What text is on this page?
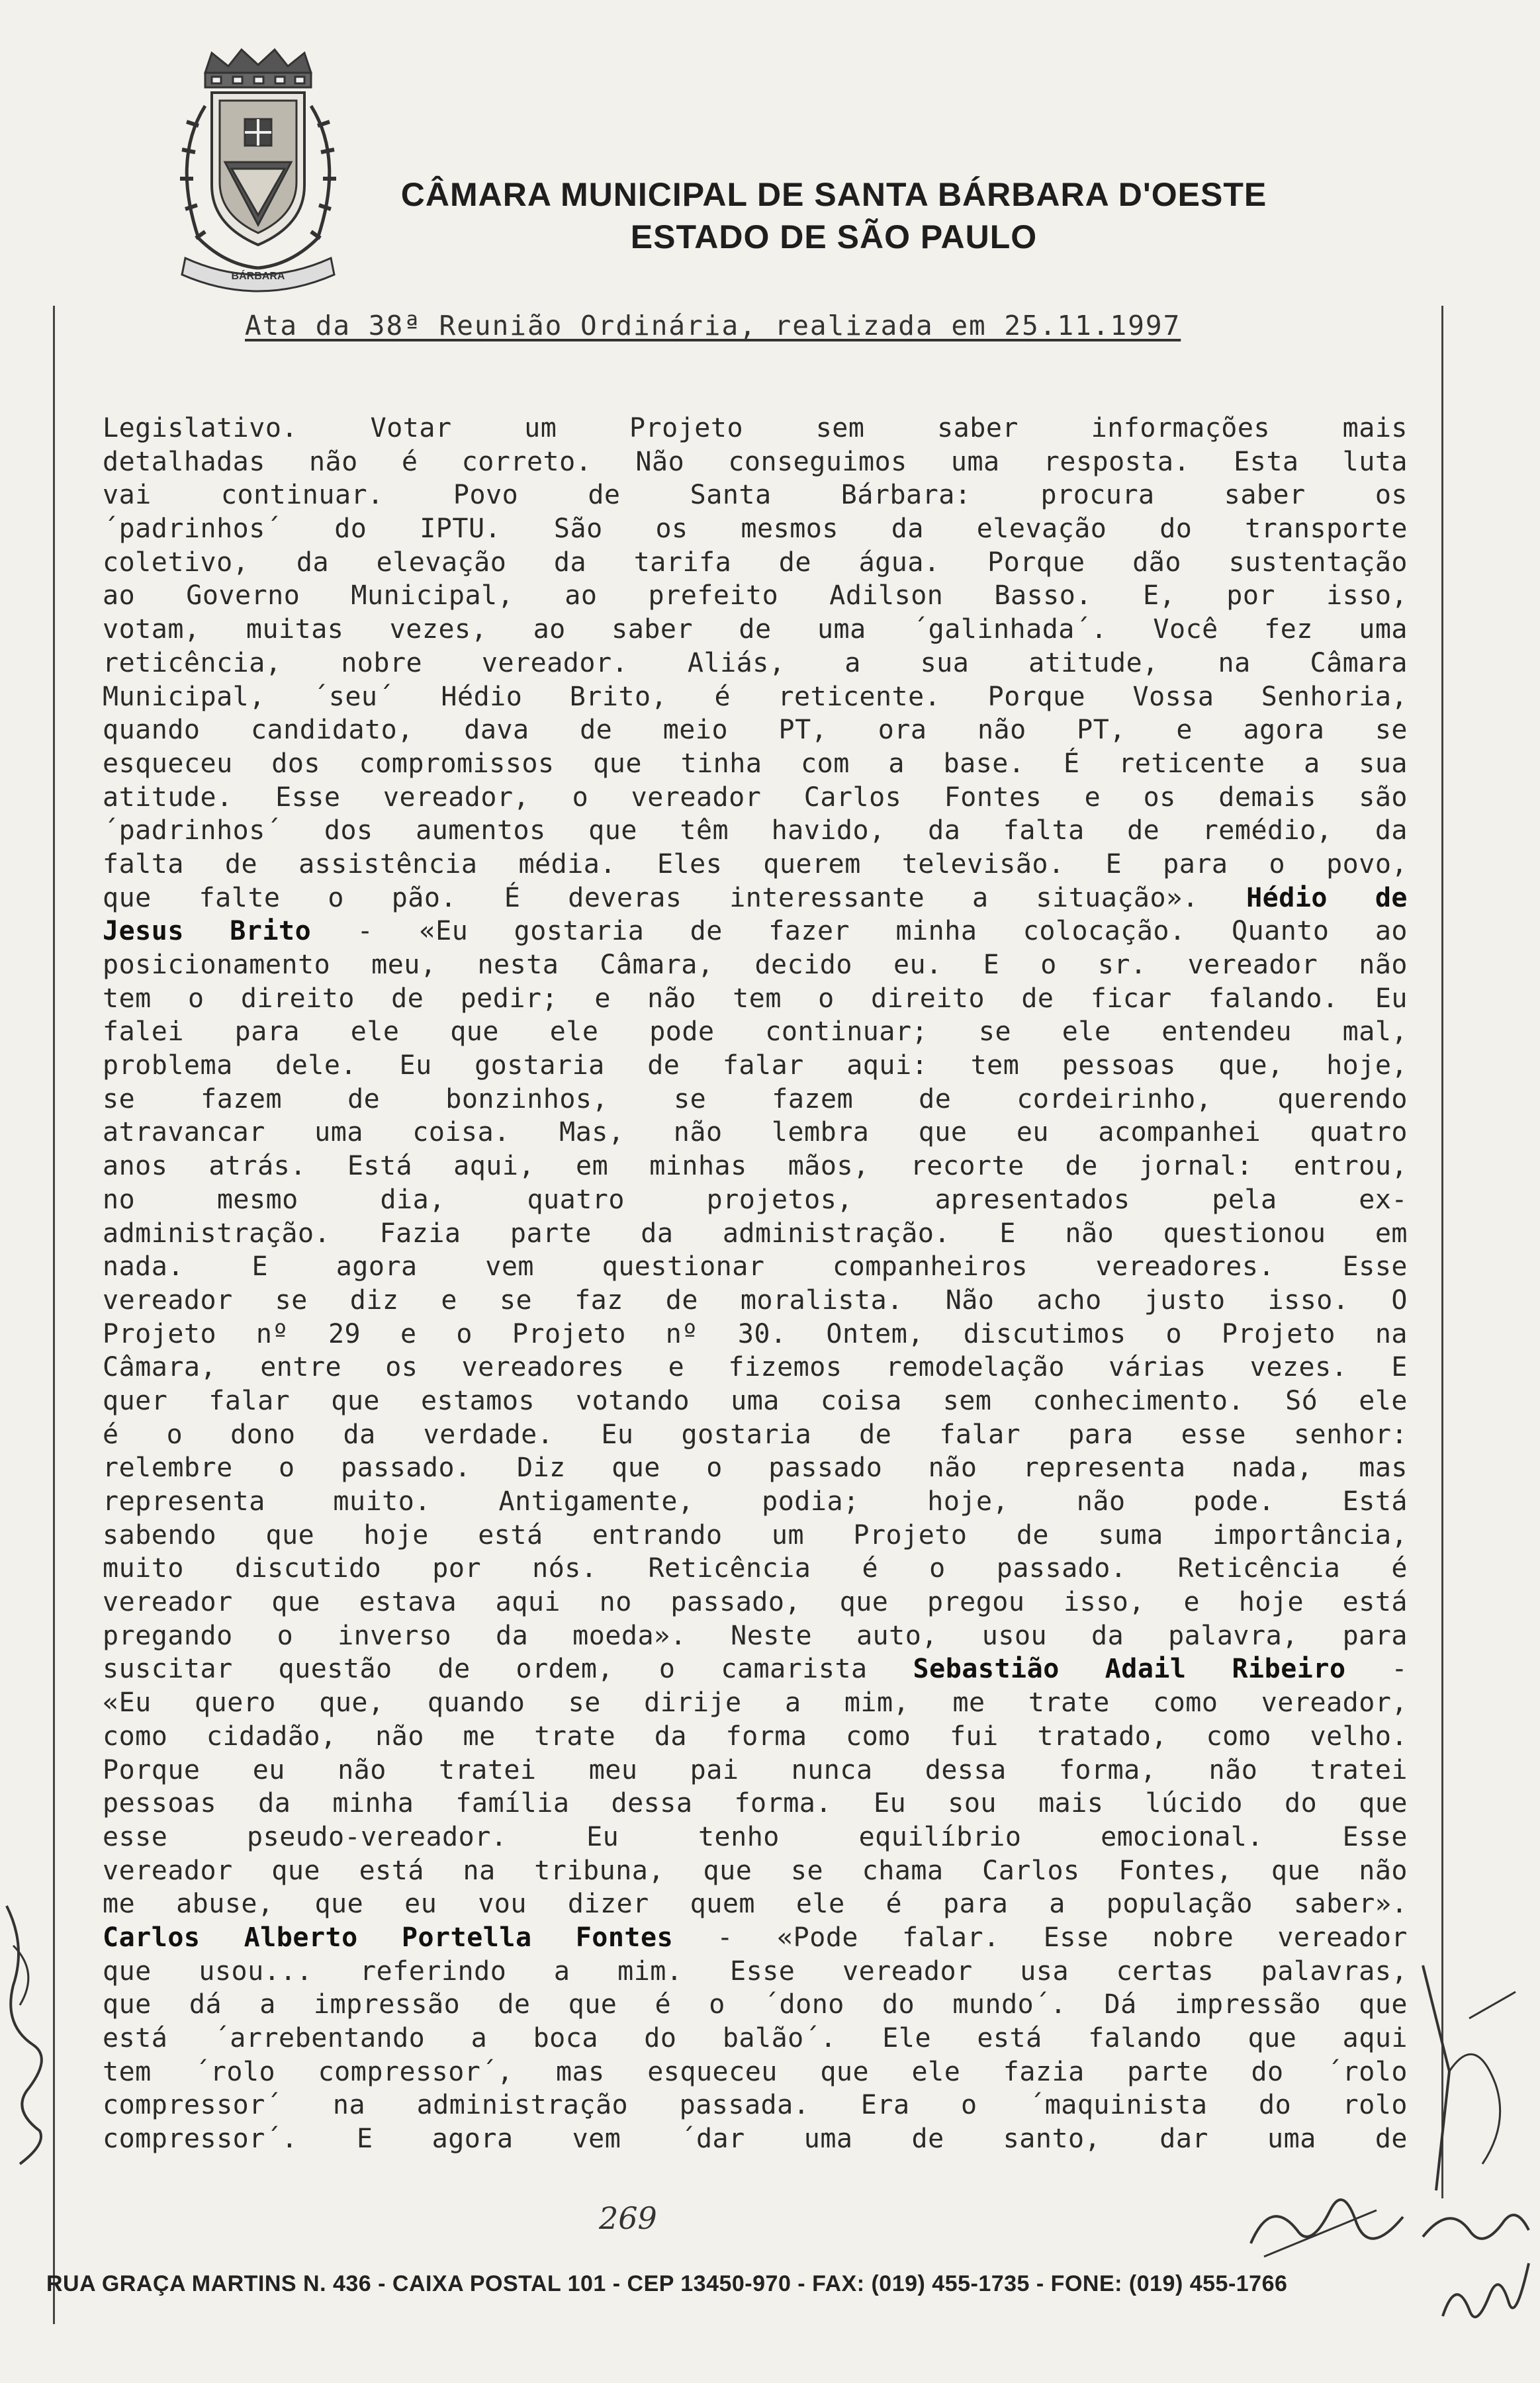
BÁRBARA
CÂMARA MUNICIPAL DE SANTA BÁRBARA D'OESTE
ESTADO DE SÃO PAULO
Ata da 38ª Reunião Ordinária, realizada em 25.11.1997
Legislativo. Votar um Projeto sem saber informações mais
detalhadas não é correto. Não conseguimos uma resposta. Esta luta
vai continuar. Povo de Santa Bárbara: procura saber os
´padrinhos´ do IPTU. São os mesmos da elevação do transporte
coletivo, da elevação da tarifa de água. Porque dão sustentação
ao Governo Municipal, ao prefeito Adilson Basso. E, por isso,
votam, muitas vezes, ao saber de uma ´galinhada´. Você fez uma
reticência, nobre vereador. Aliás, a sua atitude, na Câmara
Municipal, ´seu´ Hédio Brito, é reticente. Porque Vossa Senhoria,
quando candidato, dava de meio PT, ora não PT, e agora se
esqueceu dos compromissos que tinha com a base. É reticente a sua
atitude. Esse vereador, o vereador Carlos Fontes e os demais são
´padrinhos´ dos aumentos que têm havido, da falta de remédio, da
falta de assistência média. Eles querem televisão. E para o povo,
que falte o pão. É deveras interessante a situação». Hédio de
Jesus Brito - «Eu gostaria de fazer minha colocação. Quanto ao
posicionamento meu, nesta Câmara, decido eu. E o sr. vereador não
tem o direito de pedir; e não tem o direito de ficar falando. Eu
falei para ele que ele pode continuar; se ele entendeu mal,
problema dele. Eu gostaria de falar aqui: tem pessoas que, hoje,
se fazem de bonzinhos, se fazem de cordeirinho, querendo
atravancar uma coisa. Mas, não lembra que eu acompanhei quatro
anos atrás. Está aqui, em minhas mãos, recorte de jornal: entrou,
no mesmo dia, quatro projetos, apresentados pela ex-
administração. Fazia parte da administração. E não questionou em
nada. E agora vem questionar companheiros vereadores. Esse
vereador se diz e se faz de moralista. Não acho justo isso. O
Projeto nº 29 e o Projeto nº 30. Ontem, discutimos o Projeto na
Câmara, entre os vereadores e fizemos remodelação várias vezes. E
quer falar que estamos votando uma coisa sem conhecimento. Só ele
é o dono da verdade. Eu gostaria de falar para esse senhor:
relembre o passado. Diz que o passado não representa nada, mas
representa muito. Antigamente, podia; hoje, não pode. Está
sabendo que hoje está entrando um Projeto de suma importância,
muito discutido por nós. Reticência é o passado. Reticência é
vereador que estava aqui no passado, que pregou isso, e hoje está
pregando o inverso da moeda». Neste auto, usou da palavra, para
suscitar questão de ordem, o camarista Sebastião Adail Ribeiro -
«Eu quero que, quando se dirije a mim, me trate como vereador,
como cidadão, não me trate da forma como fui tratado, como velho.
Porque eu não tratei meu pai nunca dessa forma, não tratei
pessoas da minha família dessa forma. Eu sou mais lúcido do que
esse pseudo-vereador. Eu tenho equilíbrio emocional. Esse
vereador que está na tribuna, que se chama Carlos Fontes, que não
me abuse, que eu vou dizer quem ele é para a população saber».
Carlos Alberto Portella Fontes - «Pode falar. Esse nobre vereador
que usou... referindo a mim. Esse vereador usa certas palavras,
que dá a impressão de que é o ´dono do mundo´. Dá impressão que
está ´arrebentando a boca do balão´. Ele está falando que aqui
tem ´rolo compressor´, mas esqueceu que ele fazia parte do ´rolo
compressor´ na administração passada. Era o ´maquinista do rolo
compressor´. E agora vem ´dar uma de santo, dar uma de
269
RUA GRAÇA MARTINS N. 436 - CAIXA POSTAL 101 - CEP 13450-970 - FAX: (019) 455-1735 - FONE: (019) 455-1766
